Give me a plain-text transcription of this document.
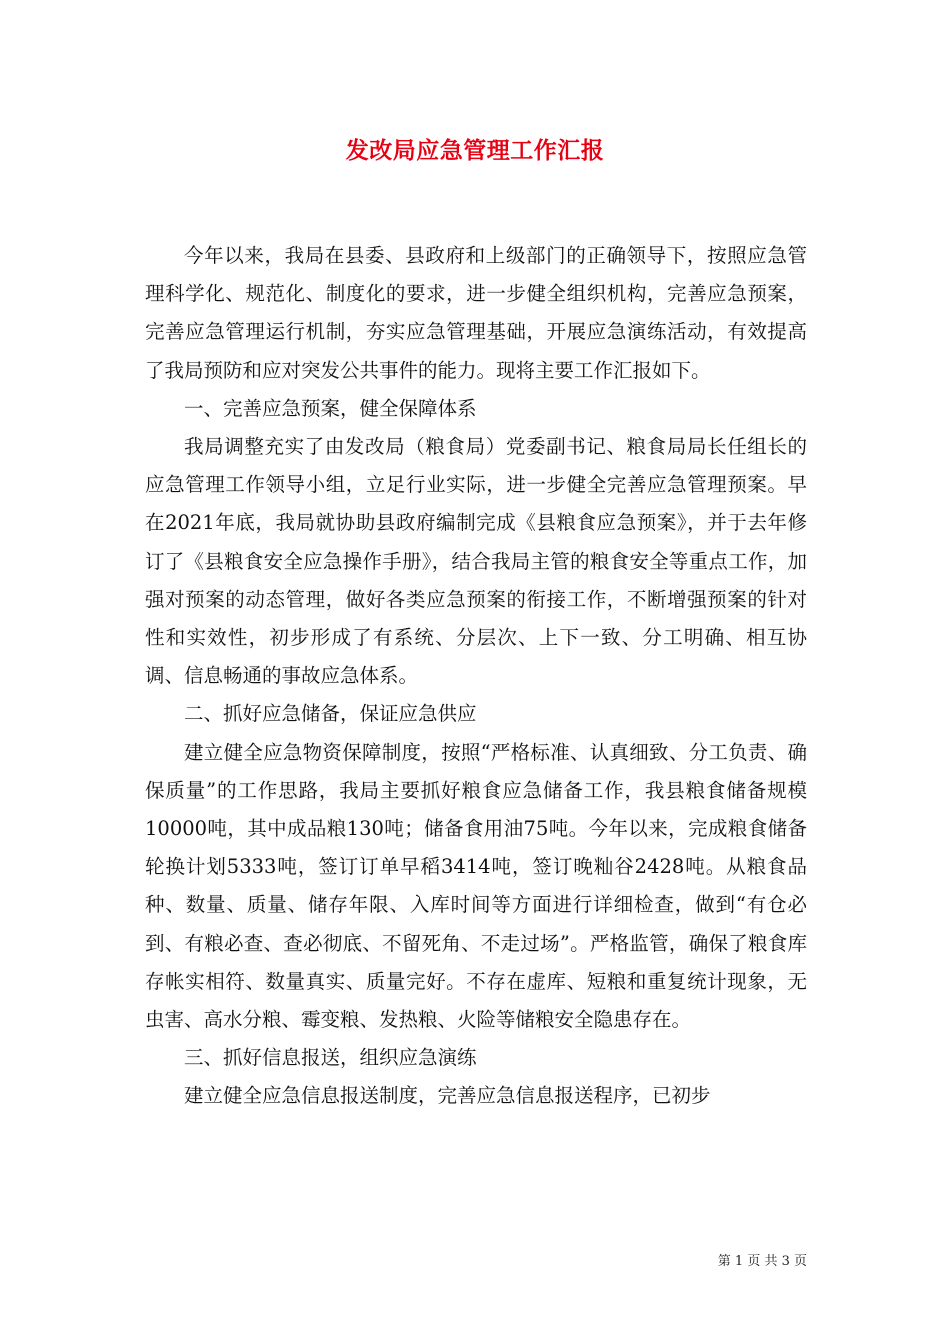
发改局应急管理工作汇报

今年以来，我局在县委、县政府和上级部门的正确领导下，按照应急管理科学化、规范化、制度化的要求，进一步健全组织机构，完善应急预案，完善应急管理运行机制，夯实应急管理基础，开展应急演练活动，有效提高了我局预防和应对突发公共事件的能力。现将主要工作汇报如下。

一、完善应急预案，健全保障体系

我局调整充实了由发改局（粮食局）党委副书记、粮食局局长任组长的应急管理工作领导小组，立足行业实际，进一步健全完善应急管理预案。早在2021年底，我局就协助县政府编制完成《县粮食应急预案》，并于去年修订了《县粮食安全应急操作手册》，结合我局主管的粮食安全等重点工作，加强对预案的动态管理，做好各类应急预案的衔接工作，不断增强预案的针对性和实效性，初步形成了有系统、分层次、上下一致、分工明确、相互协调、信息畅通的事故应急体系。

二、抓好应急储备，保证应急供应

建立健全应急物资保障制度，按照“严格标准、认真细致、分工负责、确保质量”的工作思路，我局主要抓好粮食应急储备工作，我县粮食储备规模10000吨，其中成品粮130吨；储备食用油75吨。今年以来，完成粮食储备轮换计划5333吨，签订订单早稻3414吨，签订晚籼谷2428吨。从粮食品种、数量、质量、储存年限、入库时间等方面进行详细检查，做到“有仓必到、有粮必查、查必彻底、不留死角、不走过场”。严格监管，确保了粮食库存帐实相符、数量真实、质量完好。不存在虚库、短粮和重复统计现象，无虫害、高水分粮、霉变粮、发热粮、火险等储粮安全隐患存在。

三、抓好信息报送，组织应急演练

建立健全应急信息报送制度，完善应急信息报送程序，已初步

第 1 页 共 3 页
